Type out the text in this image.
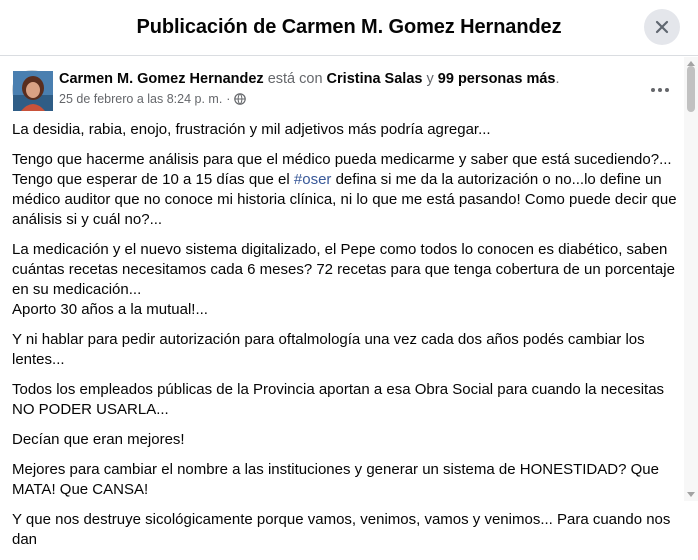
Publicación de Carmen M. Gomez Hernandez
Carmen M. Gomez Hernandez está con Cristina Salas y 99 personas más.
25 de febrero a las 8:24 p. m. ·

La desidia, rabia, enojo, frustración y mil adjetivos más podría agregar...

Tengo que hacerme análisis para que el médico pueda medicarme y saber que está sucediendo?... Tengo que esperar de 10 a 15 días que el #oser defina si me da la autorización o no...lo define un médico auditor que no conoce mi historia clínica, ni lo que me está pasando! Como puede decir que análisis si y cuál no?...

La medicación y el nuevo sistema digitalizado, el Pepe como todos lo conocen es diabético, saben cuántas recetas necesitamos cada 6 meses? 72 recetas para que tenga cobertura de un porcentaje en su medicación...
Aporto 30 años a la mutual!...

Y ni hablar para pedir autorización para oftalmología una vez cada dos años podés cambiar los lentes...

Todos los empleados públicas de la Provincia aportan a esa Obra Social para cuando la necesitas NO PODER USARLA...

Decían que eran mejores!

Mejores para cambiar el nombre a las instituciones y generar un sistema de HONESTIDAD? Que MATA! Que CANSA!

Y que nos destruye sicológicamente porque vamos, venimos, vamos y venimos... Para cuando nos dan
